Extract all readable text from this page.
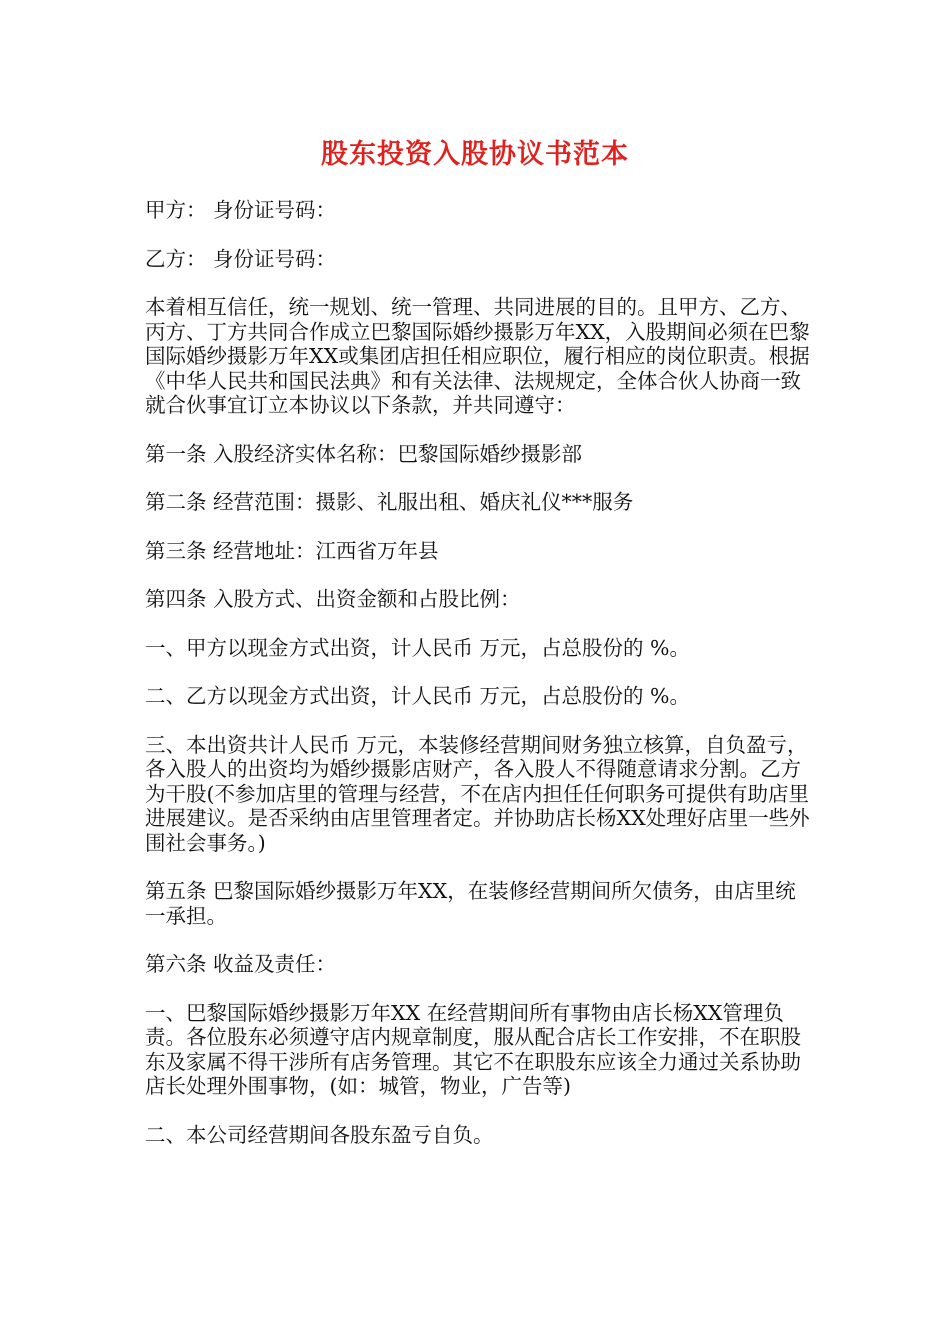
股东投资入股协议书范本

甲方： 身份证号码：

乙方： 身份证号码：

本着相互信任，统一规划、统一管理、共同进展的目的。且甲方、乙方、丙方、丁方共同合作成立巴黎国际婚纱摄影万年XX，入股期间必须在巴黎国际婚纱摄影万年XX或集团店担任相应职位，履行相应的岗位职责。根据《中华人民共和国民法典》和有关法律、法规规定，全体合伙人协商一致就合伙事宜订立本协议以下条款，并共同遵守：

第一条 入股经济实体名称：巴黎国际婚纱摄影部

第二条 经营范围：摄影、礼服出租、婚庆礼仪***服务

第三条 经营地址：江西省万年县

第四条 入股方式、出资金额和占股比例：

一、甲方以现金方式出资，计人民币 万元，占总股份的 %。

二、乙方以现金方式出资，计人民币 万元，占总股份的 %。

三、本出资共计人民币 万元，本装修经营期间财务独立核算，自负盈亏，各入股人的出资均为婚纱摄影店财产，各入股人不得随意请求分割。乙方为干股(不参加店里的管理与经营，不在店内担任任何职务可提供有助店里进展建议。是否采纳由店里管理者定。并协助店长杨XX处理好店里一些外围社会事务。)

第五条 巴黎国际婚纱摄影万年XX，在装修经营期间所欠债务，由店里统一承担。

第六条 收益及责任：

一、巴黎国际婚纱摄影万年XX 在经营期间所有事物由店长杨XX管理负责。各位股东必须遵守店内规章制度，服从配合店长工作安排，不在职股东及家属不得干涉所有店务管理。其它不在职股东应该全力通过关系协助店长处理外围事物，(如：城管，物业，广告等)

二、本公司经营期间各股东盈亏自负。
